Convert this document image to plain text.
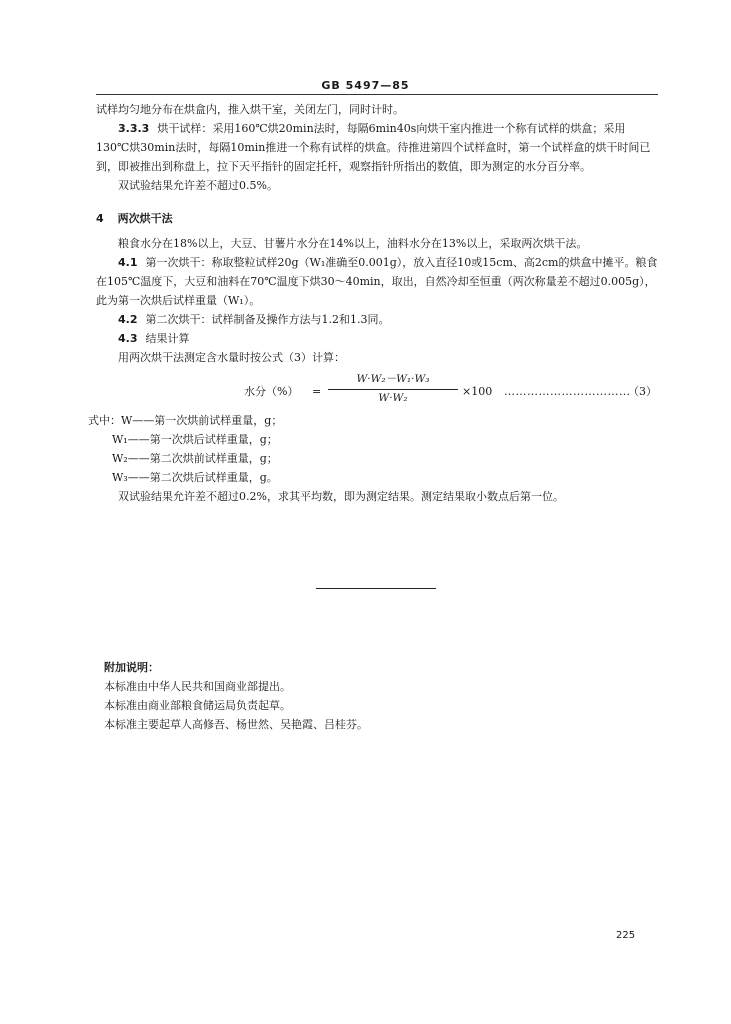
GB 5497—85

试样均匀地分布在烘盒内，推入烘干室，关闭左门，同时计时。

3.3.3 烘干试样：采用160℃烘20min法时，每隔6min40s向烘干室内推进一个称有试样的烘盒；采用130℃烘30min法时，每隔10min推进一个称有试样的烘盒。待推进第四个试样盒时，第一个试样盒的烘干时间已到，即被推出到称盘上，拉下天平指针的固定托杆，观察指针所指出的数值，即为测定的水分百分率。

双试验结果允许差不超过0.5%。

4 两次烘干法

粮食水分在18%以上，大豆、甘薯片水分在14%以上，油料水分在13%以上，采取两次烘干法。

4.1 第一次烘干：称取整粒试样20g（W₁准确至0.001g），放入直径10或15cm、高2cm的烘盒中摊平。粮食在105℃温度下，大豆和油料在70℃温度下烘30～40min，取出，自然冷却至恒重（两次称量差不超过0.005g），此为第一次烘后试样重量（W₁）。

4.2 第二次烘干：试样制备及操作方法与1.2和1.3同。

4.3 结果计算

用两次烘干法测定含水量时按公式（3）计算：

水分（%） = $\frac{\text{W·W₂－W₁·W₃}}{\text{W·W₂}} \times 100$ ……………………………
（3）
式中：W——第一次烘前试样重量，g；
W₁——第一次烘后试样重量，g；
W₂——第二次烘前试样重量，g；
W₃——第二次烘后试样重量，g。

双试验结果允许差不超过0.2%，求其平均数，即为测定结果。测定结果取小数点后第一位。

附加说明：
本标准由中华人民共和国商业部提出。
本标准由商业部粮食储运局负责起草。
本标准主要起草人高修吾、杨世然、吴艳霞、吕桂芬。
225
